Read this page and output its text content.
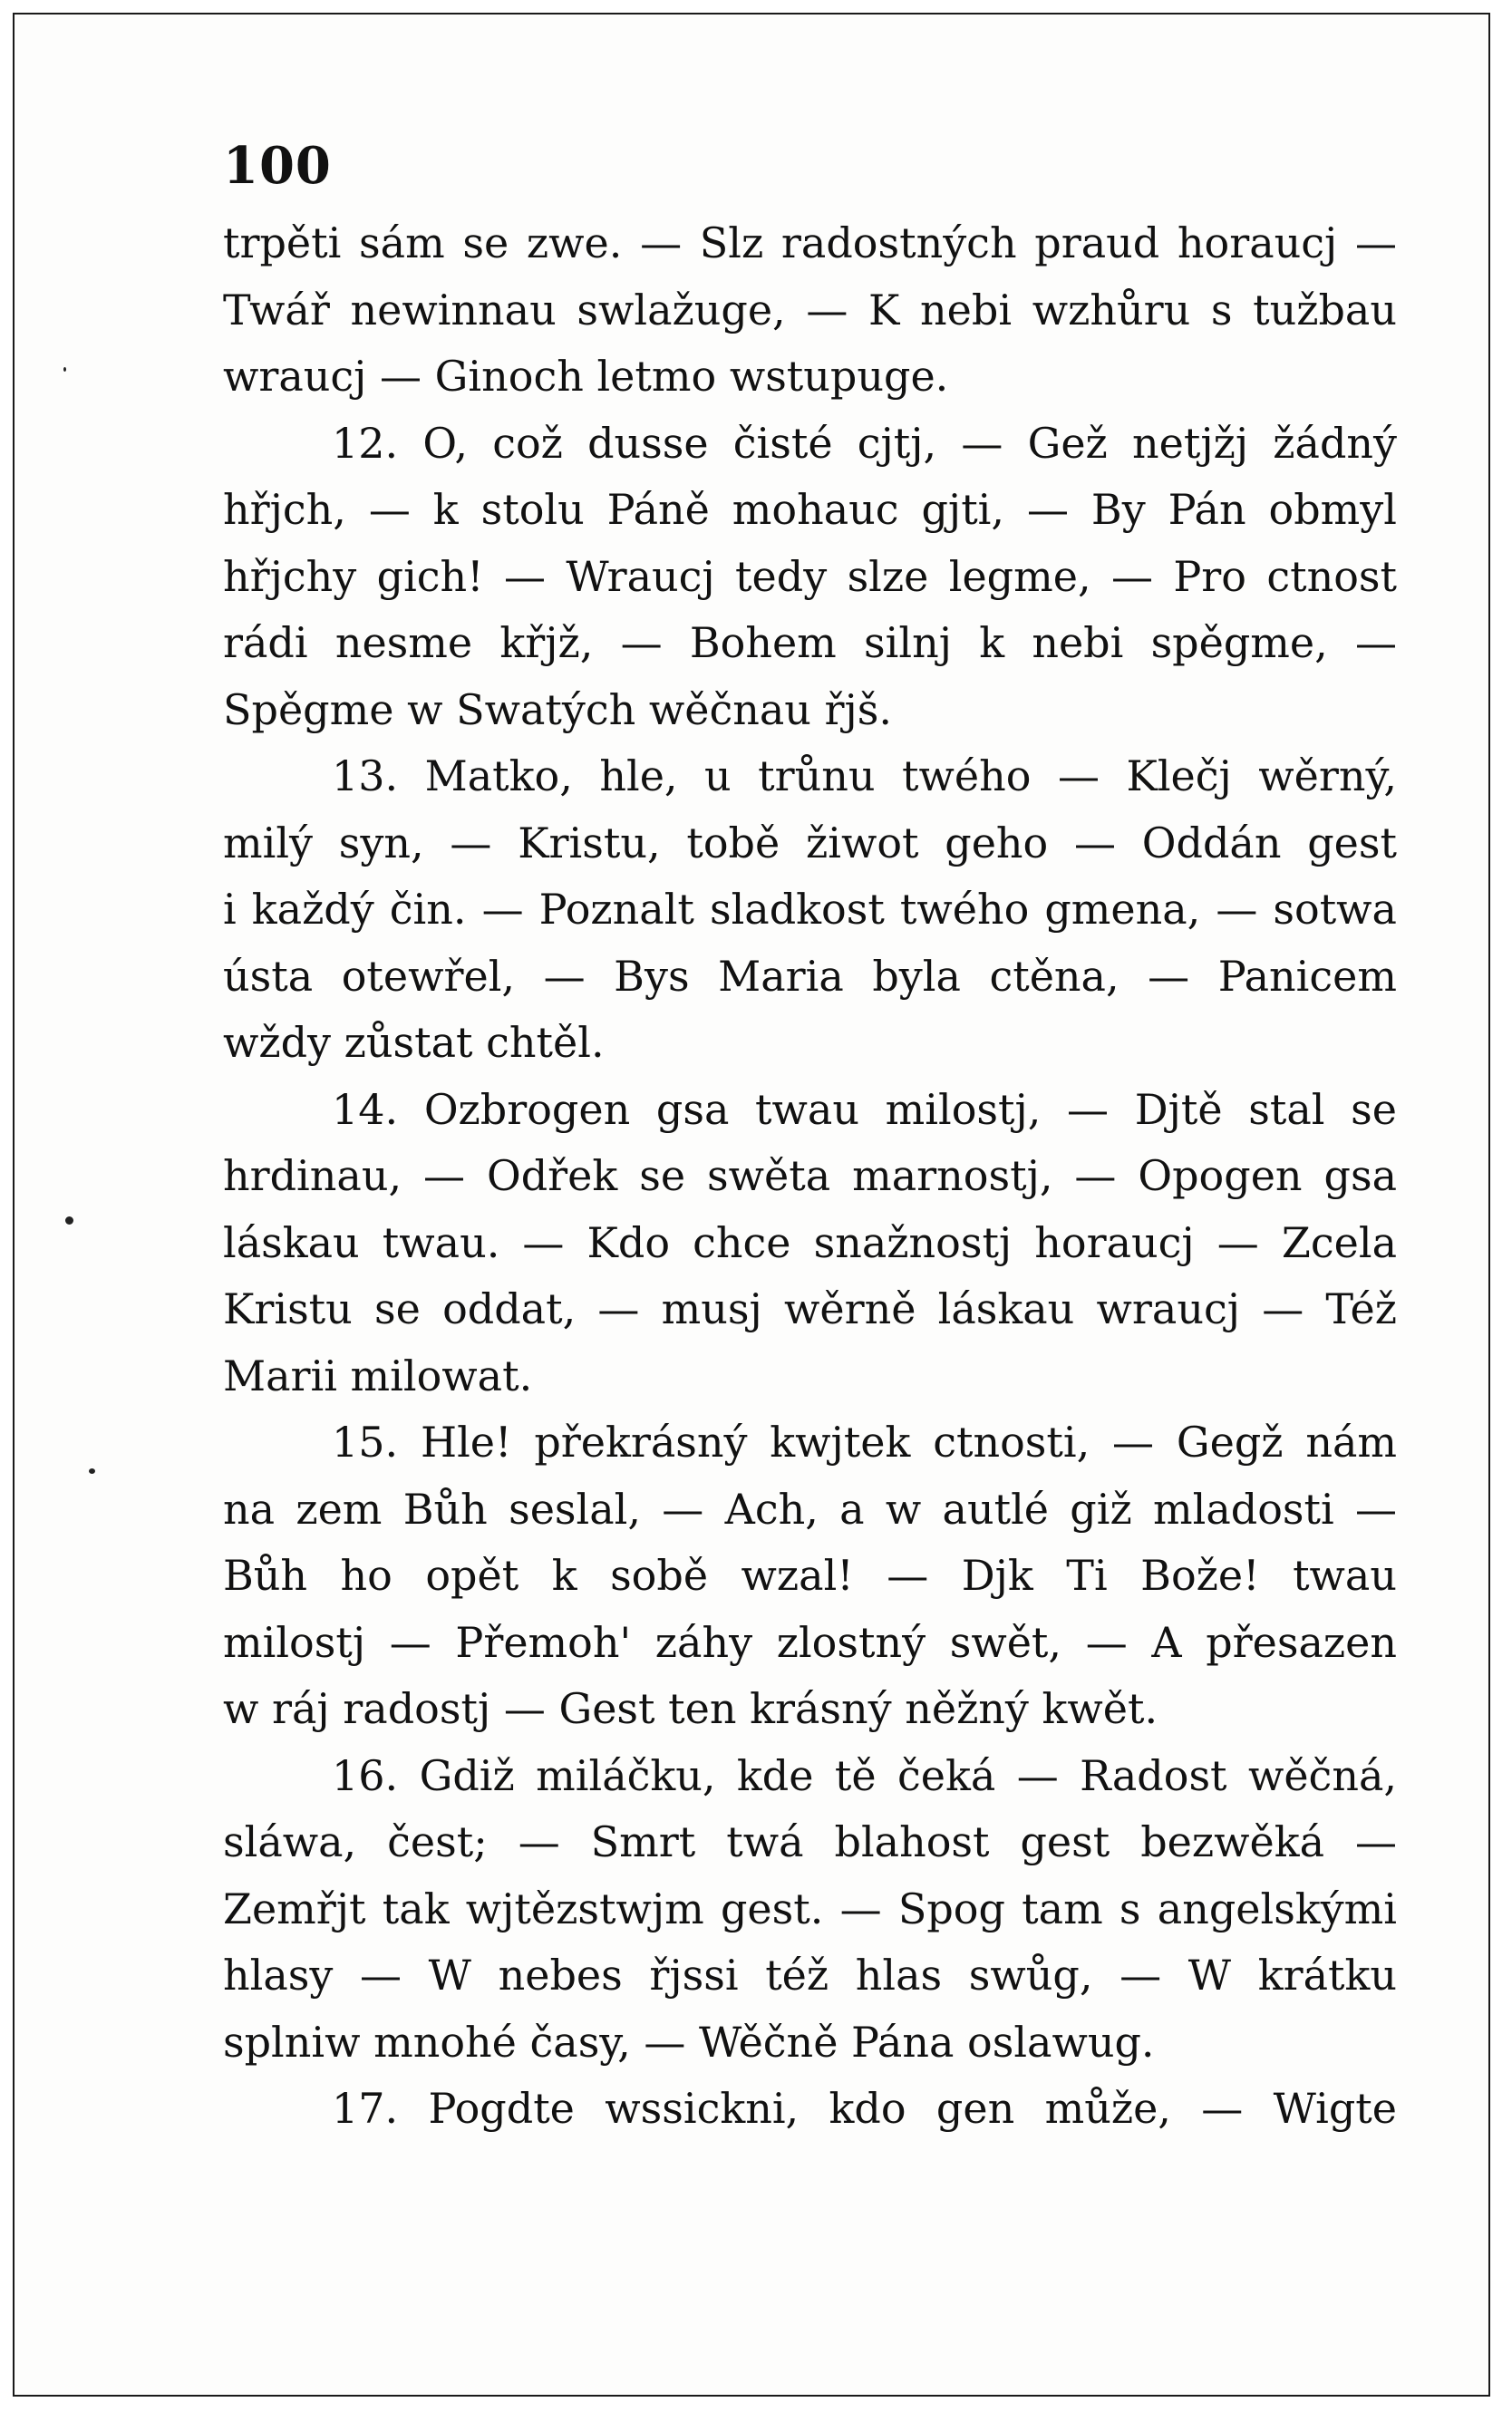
100
trpěti sám se zwe. — Slz radostných praud horaucj —
Twář newinnau swlažuge, — K nebi wzhůru s tužbau
wraucj — Ginoch letmo wstupuge.
12. O, což dusse čisté cjtj, — Gež netjžj žádný
hřjch, — k stolu Páně mohauc gjti, — By Pán obmyl
hřjchy gich! — Wraucj tedy slze legme, — Pro ctnost
rádi nesme křjž, — Bohem silnj k nebi spěgme, —
Spěgme w Swatých wěčnau řjš.
13. Matko, hle, u trůnu twého — Klečj wěrný,
milý syn, — Kristu, tobě žiwot geho — Oddán gest
i každý čin. — Poznalt sladkost twého gmena, — sotwa
ústa otewřel, — Bys Maria byla ctěna, — Panicem
wždy zůstat chtěl.
14. Ozbrogen gsa twau milostj, — Djtě stal se
hrdinau, — Odřek se swěta marnostj, — Opogen gsa
láskau twau. — Kdo chce snažnostj horaucj — Zcela
Kristu se oddat, — musj wěrně láskau wraucj — Též
Marii milowat.
15. Hle! překrásný kwjtek ctnosti, — Gegž nám
na zem Bůh seslal, — Ach, a w autlé giž mladosti —
Bůh ho opět k sobě wzal! — Djk Ti Bože! twau
milostj — Přemoh' záhy zlostný swět, — A přesazen
w ráj radostj — Gest ten krásný něžný kwět.
16. Gdiž miláčku, kde tě čeká — Radost wěčná,
sláwa, čest; — Smrt twá blahost gest bezwěká —
Zemřjt tak wjtězstwjm gest. — Spog tam s angelskými
hlasy — W nebes řjssi též hlas swůg, — W krátku
splniw mnohé časy, — Wěčně Pána oslawug.
17. Pogdte wssickni, kdo gen může, — Wigte
